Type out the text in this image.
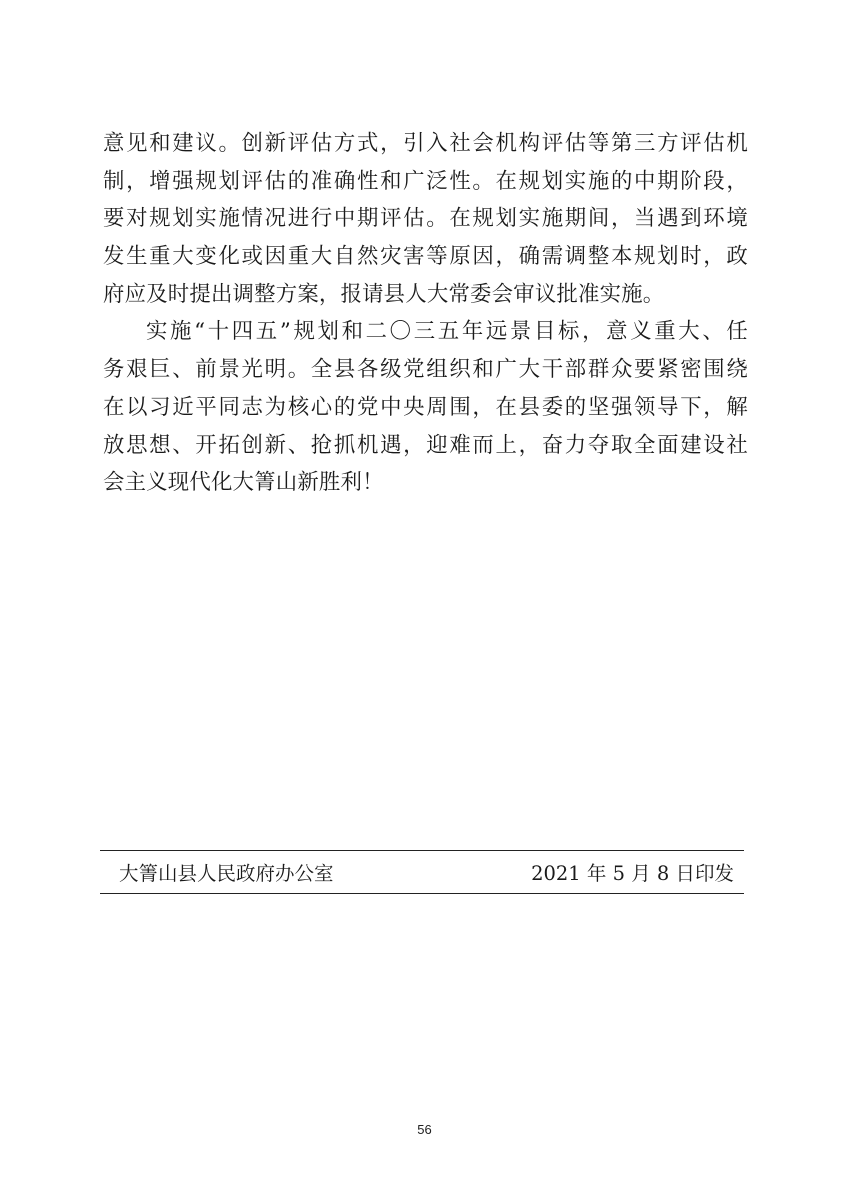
意见和建议。创新评估方式，引入社会机构评估等第三方评估机
制，增强规划评估的准确性和广泛性。在规划实施的中期阶段，
要对规划实施情况进行中期评估。在规划实施期间，当遇到环境
发生重大变化或因重大自然灾害等原因，确需调整本规划时，政
府应及时提出调整方案，报请县人大常委会审议批准实施。
实施“十四五”规划和二〇三五年远景目标，意义重大、任
务艰巨、前景光明。全县各级党组织和广大干部群众要紧密围绕
在以习近平同志为核心的党中央周围，在县委的坚强领导下，解
放思想、开拓创新、抢抓机遇，迎难而上，奋力夺取全面建设社
会主义现代化大箐山新胜利！
大箐山县人民政府办公室	2021 年 5 月 8 日印发
56
